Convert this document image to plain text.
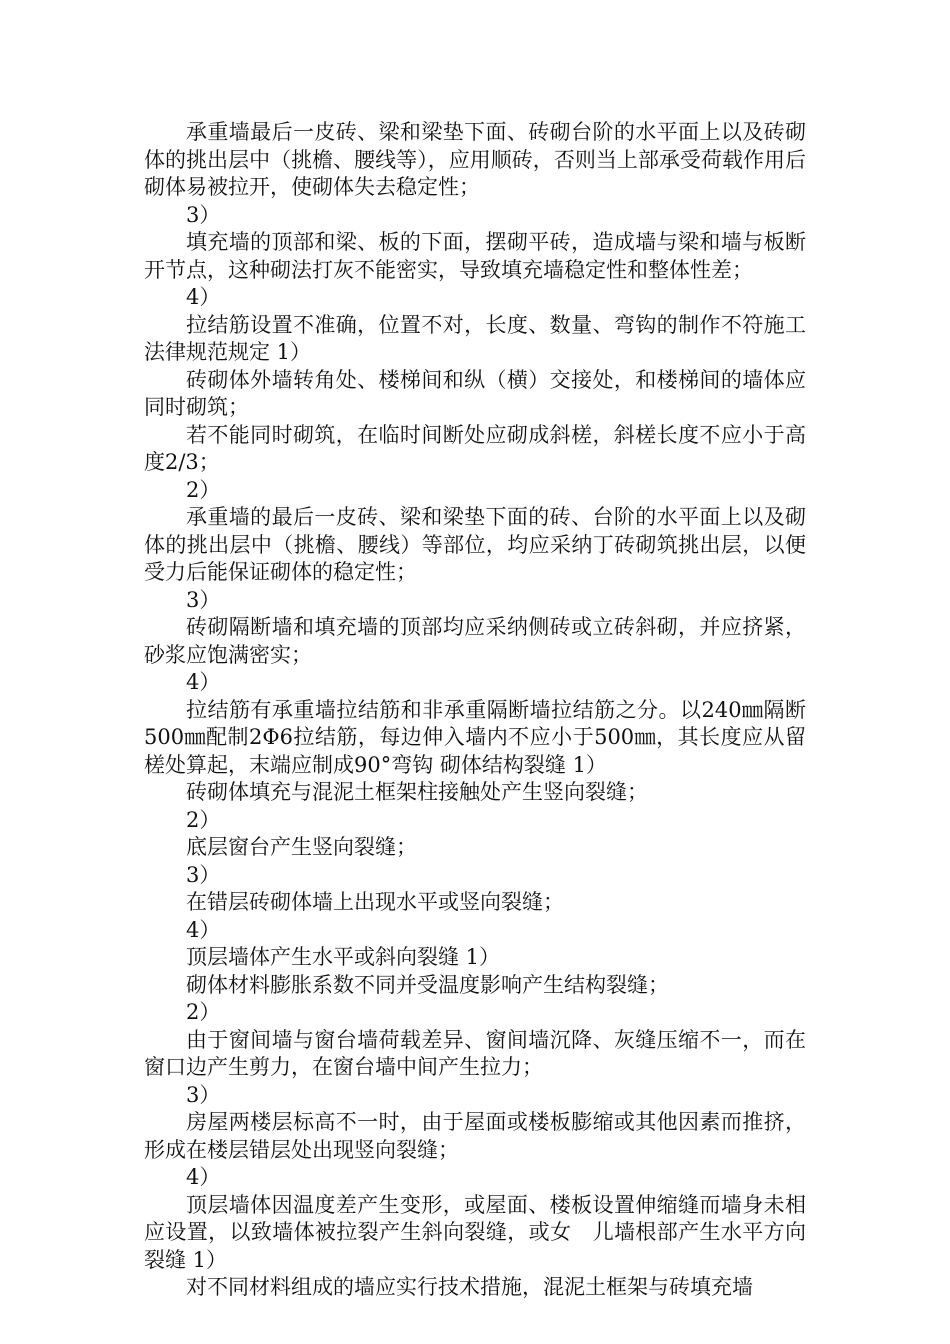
承重墙最后一皮砖、梁和梁垫下面、砖砌台阶的水平面上以及砖砌体的挑出层中（挑檐、腰线等），应用顺砖，否则当上部承受荷载作用后砌体易被拉开，使砌体失去稳定性；
3）
填充墙的顶部和梁、板的下面，摆砌平砖，造成墙与梁和墙与板断开节点，这种砌法打灰不能密实，导致填充墙稳定性和整体性差；
4）
拉结筋设置不准确，位置不对，长度、数量、弯钩的制作不符施工法律规范规定 1）
砖砌体外墙转角处、楼梯间和纵（横）交接处，和楼梯间的墙体应同时砌筑；
若不能同时砌筑，在临时间断处应砌成斜槎，斜槎长度不应小于高度2/3；
2）
承重墙的最后一皮砖、梁和梁垫下面的砖、台阶的水平面上以及砌体的挑出层中（挑檐、腰线）等部位，均应采纳丁砖砌筑挑出层，以便受力后能保证砌体的稳定性；
3）
砖砌隔断墙和填充墙的顶部均应采纳侧砖或立砖斜砌，并应挤紧，砂浆应饱满密实；
4）
拉结筋有承重墙拉结筋和非承重隔断墙拉结筋之分。以240㎜隔断500㎜配制2Φ6拉结筋，每边伸入墙内不应小于500㎜，其长度应从留槎处算起，末端应制成90°弯钩 砌体结构裂缝 1）
砖砌体填充与混泥土框架柱接触处产生竖向裂缝；
2）
底层窗台产生竖向裂缝；
3）
在错层砖砌体墙上出现水平或竖向裂缝；
4）
顶层墙体产生水平或斜向裂缝 1）
砌体材料膨胀系数不同并受温度影响产生结构裂缝；
2）
由于窗间墙与窗台墙荷载差异、窗间墙沉降、灰缝压缩不一，而在窗口边产生剪力，在窗台墙中间产生拉力；
3）
房屋两楼层标高不一时，由于屋面或楼板膨缩或其他因素而推挤，形成在楼层错层处出现竖向裂缝；
4）
顶层墙体因温度差产生变形，或屋面、楼板设置伸缩缝而墙身未相应设置，以致墙体被拉裂产生斜向裂缝，或女　儿墙根部产生水平方向裂缝 1）
对不同材料组成的墙应实行技术措施，混泥土框架与砖填充墙
